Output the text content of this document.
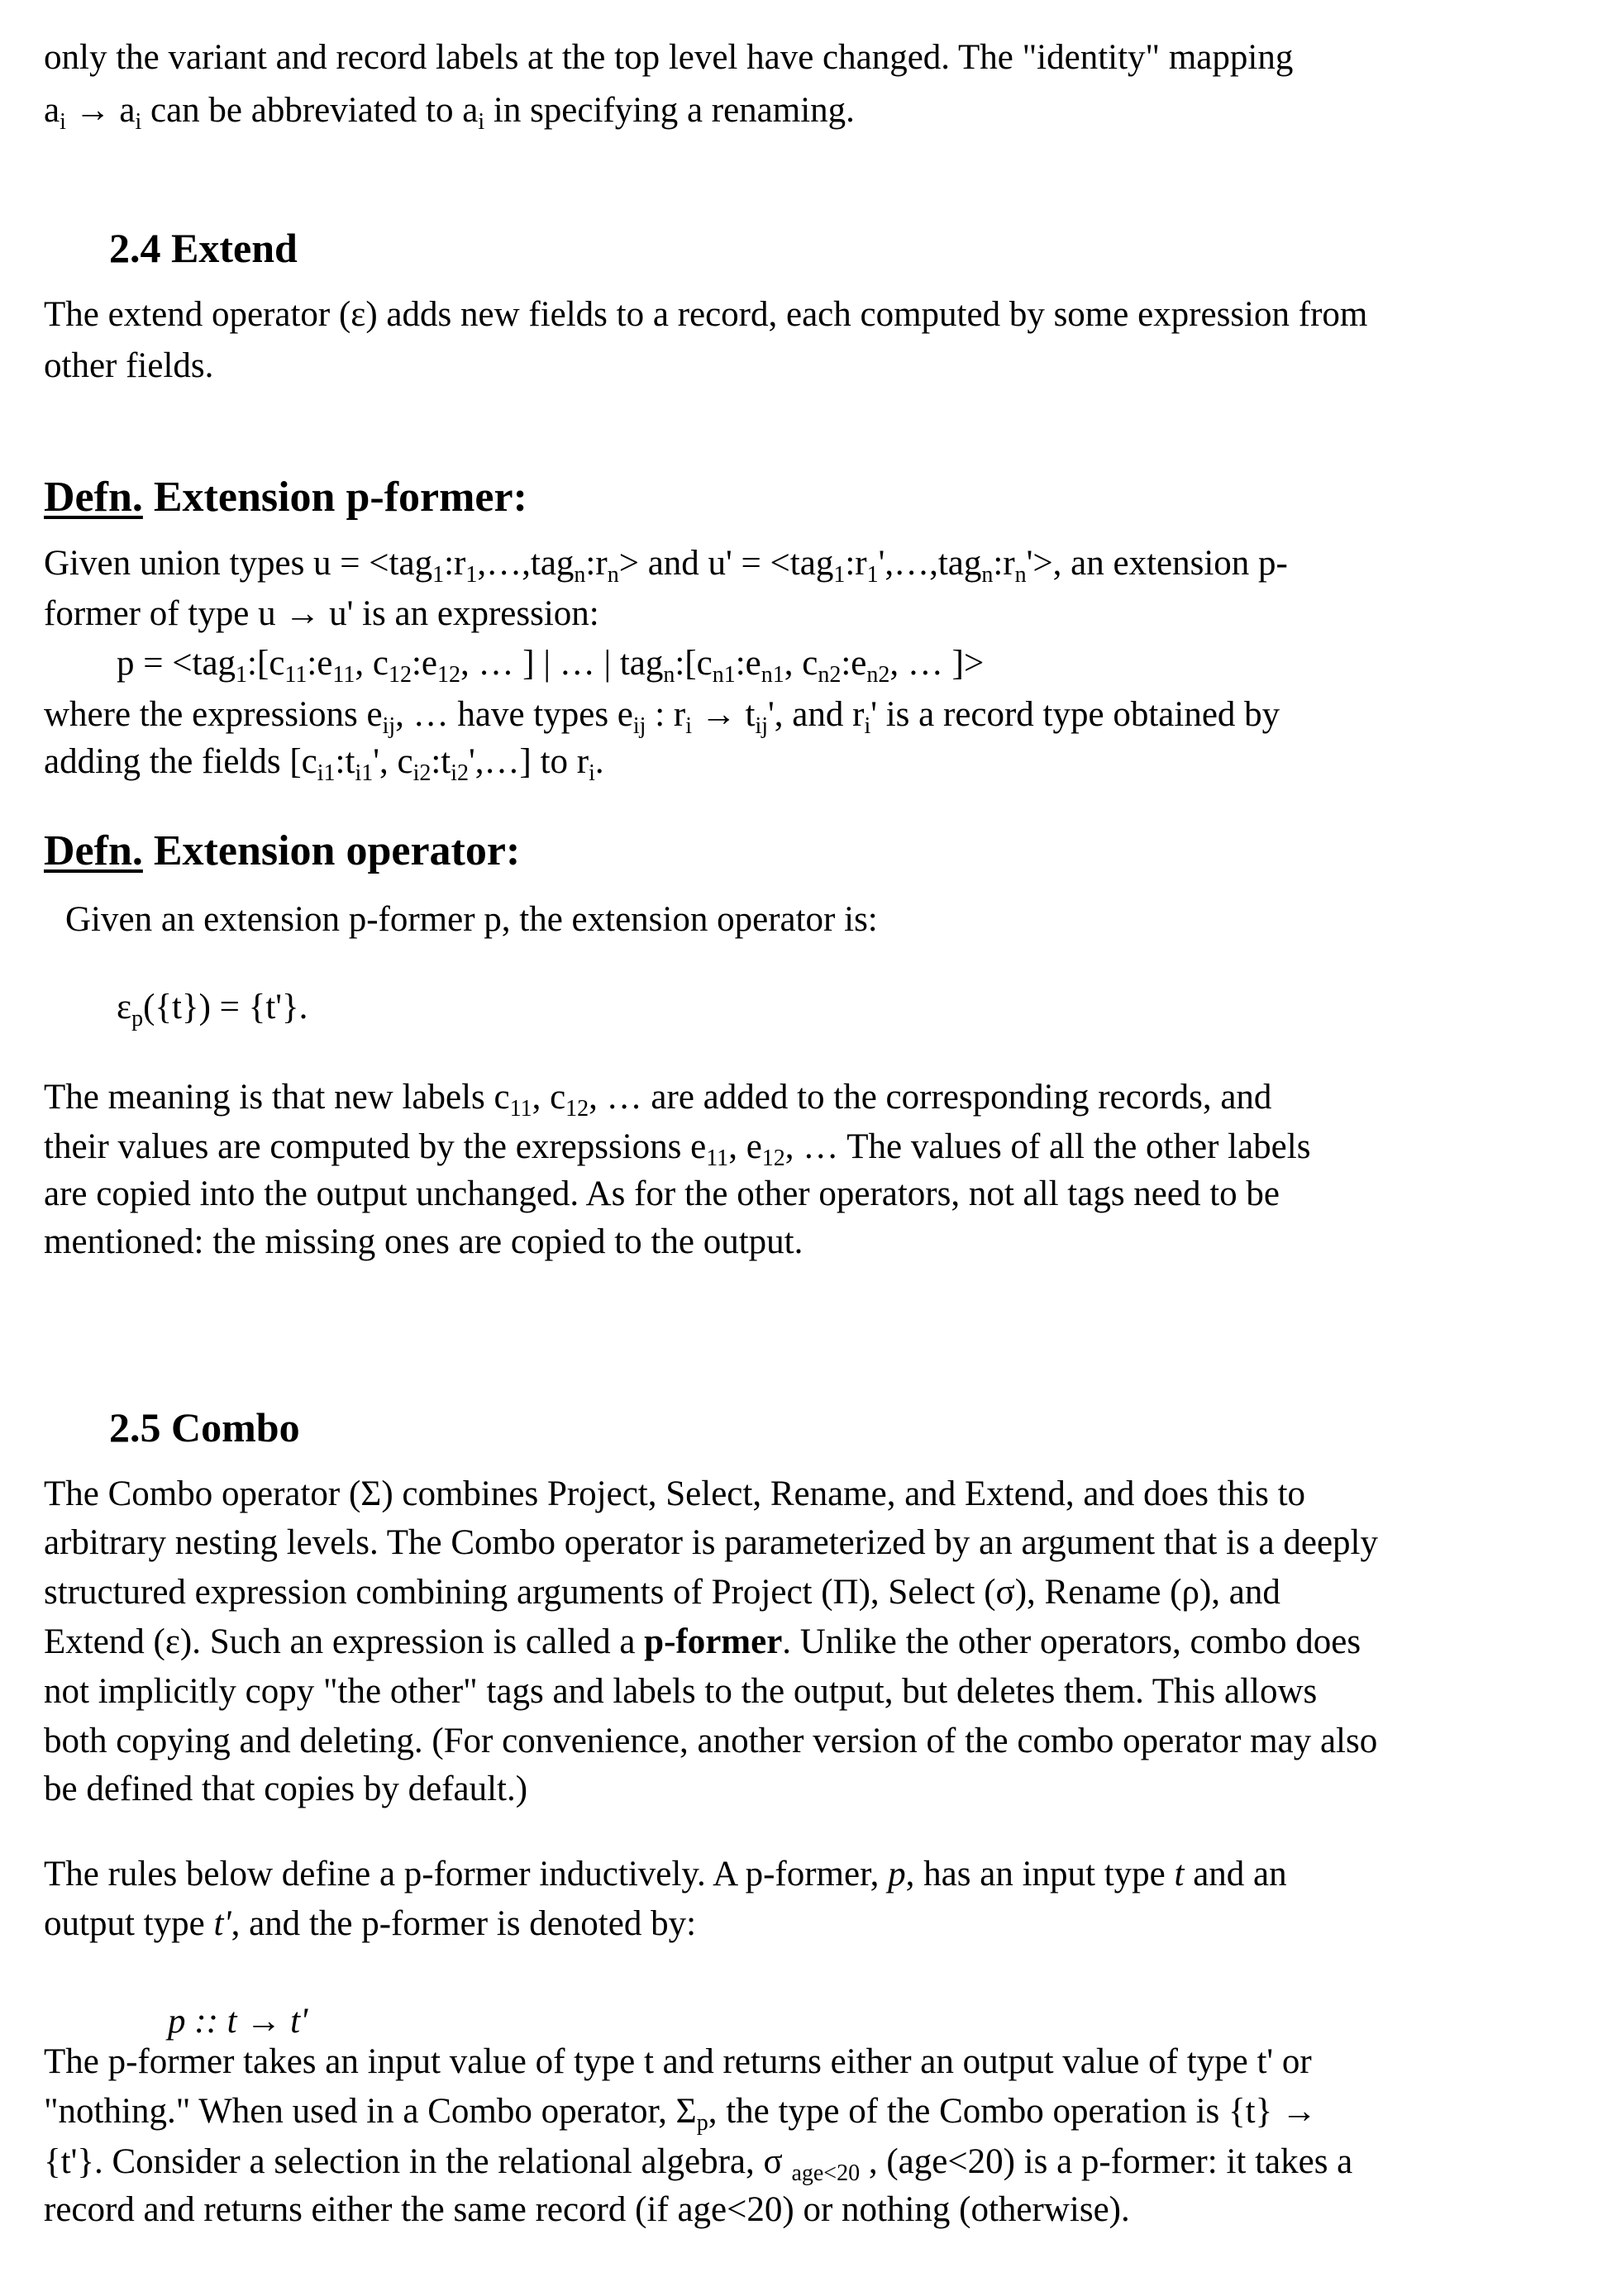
only the variant and record labels at the top level have changed. The "identity" mapping
ai → ai can be abbreviated to ai in specifying a renaming.
2.4 Extend
The extend operator (ε) adds new fields to a record, each computed by some expression from
other fields.
Defn. Extension p-former:
Given union types u = <tag1:r1,…,tagn:rn> and u' = <tag1:r1',…,tagn:rn'>, an extension p-
former of type u → u' is an expression:
p = <tag1:[c11:e11, c12:e12, … ] | … | tagn:[cn1:en1, cn2:en2, … ]>
where the expressions eij, … have types eij : ri → tij', and ri' is a record type obtained by
adding the fields [ci1:ti1', ci2:ti2',…] to ri.
Defn. Extension operator:
Given an extension p-former p, the extension operator is:
εp({t}) = {t'}.
The meaning is that new labels c11, c12, … are added to the corresponding records, and
their values are computed by the exrepssions e11, e12, … The values of all the other labels
are copied into the output unchanged. As for the other operators, not all tags need to be
mentioned: the missing ones are copied to the output.
2.5 Combo
The Combo operator (Σ) combines Project, Select, Rename, and Extend, and does this to
arbitrary nesting levels. The Combo operator is parameterized by an argument that is a deeply
structured expression combining arguments of Project (Π), Select (σ), Rename (ρ), and
Extend (ε). Such an expression is called a p-former. Unlike the other operators, combo does
not implicitly copy "the other" tags and labels to the output, but deletes them. This allows
both copying and deleting. (For convenience, another version of the combo operator may also
be defined that copies by default.)
The rules below define a p-former inductively. A p-former, p, has an input type t and an
output type t', and the p-former is denoted by:
p :: t → t'
The p-former takes an input value of type t and returns either an output value of type t' or
"nothing." When used in a Combo operator, Σp, the type of the Combo operation is {t} →
{t'}. Consider a selection in the relational algebra, σ age<20 , (age<20) is a p-former: it takes a
record and returns either the same record (if age<20) or nothing (otherwise).
